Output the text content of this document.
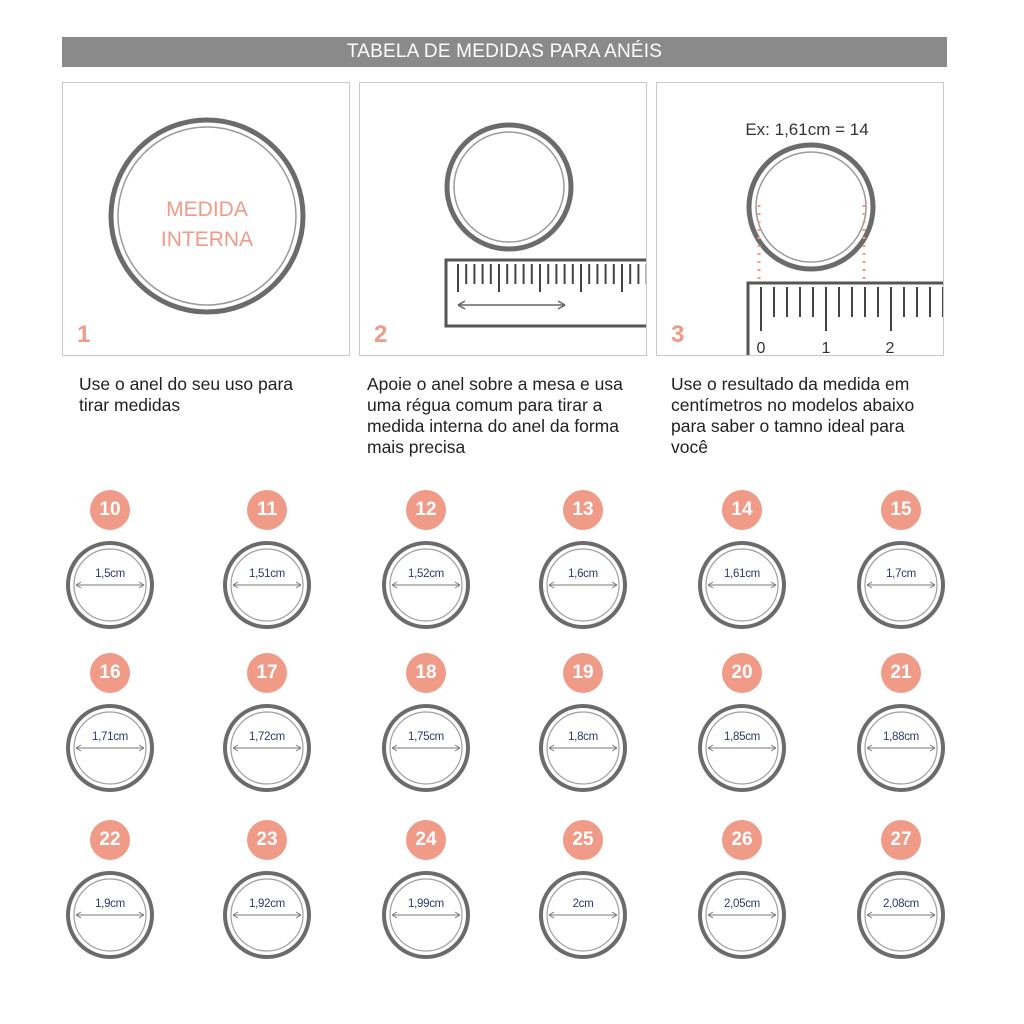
TABELA DE MEDIDAS PARA ANÉIS
MEDIDA
INTERNA
1	2
Ex: 1,61cm = 14
0	1	2
3
Use o anel do seu uso para tirar medidas
Apoie o anel sobre a mesa e usa uma régua comum para tirar a medida interna do anel da forma mais precisa
Use o resultado da medida em centímetros no modelos abaixo para saber o tamno ideal para você
10
1,5cm
11
1,51cm
12
1,52cm
13
1,6cm
14
1,61cm
15
1,7cm
16
1,71cm
17
1,72cm
18
1,75cm
19
1,8cm
20
1,85cm
21
1,88cm
22
1,9cm
23
1,92cm
24
1,99cm
25
2cm
26
2,05cm
27
2,08cm
